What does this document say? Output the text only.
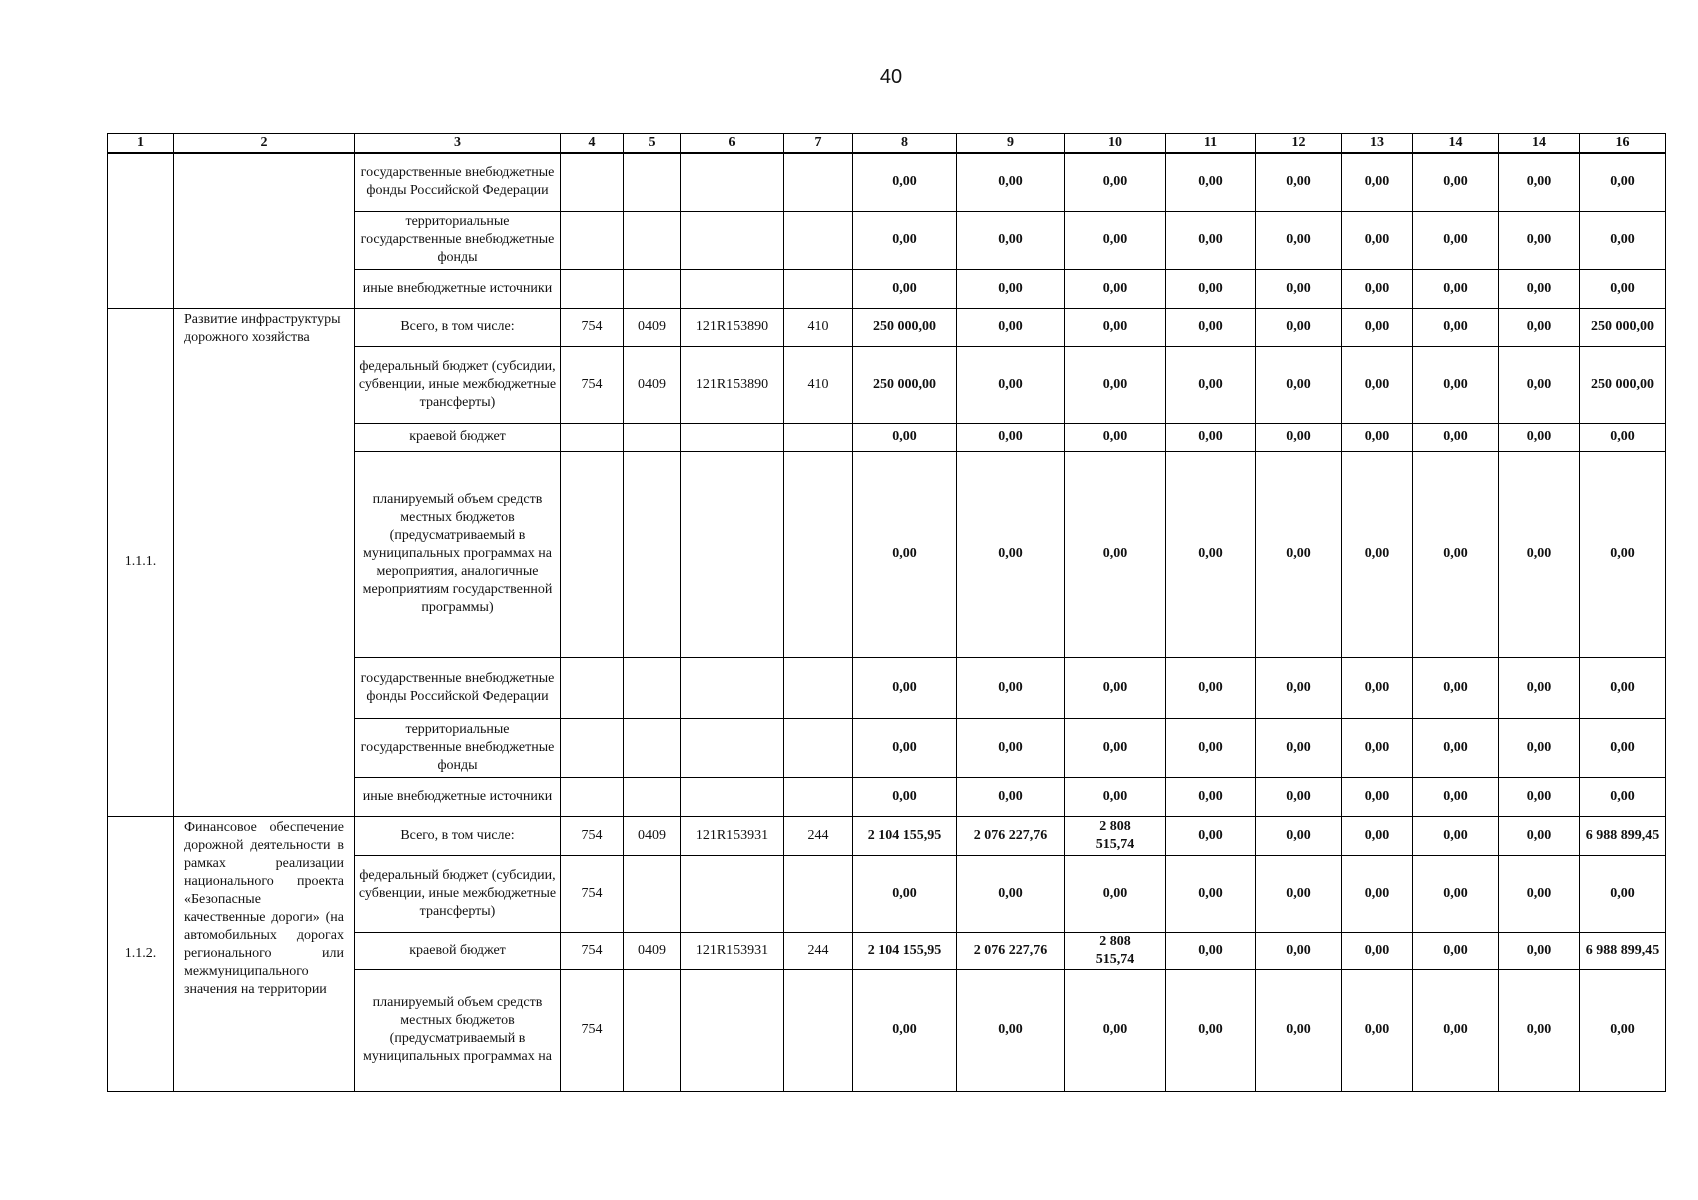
40
1	2	3	4	5	6	7	8	9	10	11	12	13	14	14	16
		государственные внебюджетные фонды Российской Федерации					0,00	0,00	0,00	0,00	0,00	0,00	0,00	0,00	0,00
		территориальные государственные внебюджетные фонды					0,00	0,00	0,00	0,00	0,00	0,00	0,00	0,00	0,00
		иные внебюджетные источники					0,00	0,00	0,00	0,00	0,00	0,00	0,00	0,00	0,00
1.1.1.	Развитие инфраструктуры дорожного хозяйства	Всего, в том числе:	754	0409	121R153890	410	250 000,00	0,00	0,00	0,00	0,00	0,00	0,00	0,00	250 000,00
		федеральный бюджет (субсидии, субвенции, иные межбюджетные трансферты)	754	0409	121R153890	410	250 000,00	0,00	0,00	0,00	0,00	0,00	0,00	0,00	250 000,00
		краевой бюджет					0,00	0,00	0,00	0,00	0,00	0,00	0,00	0,00	0,00
		планируемый объем средств местных бюджетов (предусматриваемый в муниципальных программах на мероприятия, аналогичные мероприятиям государственной программы)					0,00	0,00	0,00	0,00	0,00	0,00	0,00	0,00	0,00
		государственные внебюджетные фонды Российской Федерации					0,00	0,00	0,00	0,00	0,00	0,00	0,00	0,00	0,00
		территориальные государственные внебюджетные фонды					0,00	0,00	0,00	0,00	0,00	0,00	0,00	0,00	0,00
		иные внебюджетные источники					0,00	0,00	0,00	0,00	0,00	0,00	0,00	0,00	0,00
1.1.2.	Финансовое обеспечение дорожной деятельности в рамках реализации национального проекта «Безопасные качественные дороги» (на автомобильных дорогах регионального или межмуниципального значения на территории	Всего, в том числе:	754	0409	121R153931	244	2 104 155,95	2 076 227,76	2 808 515,74	0,00	0,00	0,00	0,00	0,00	6 988 899,45
		федеральный бюджет (субсидии, субвенции, иные межбюджетные трансферты)	754				0,00	0,00	0,00	0,00	0,00	0,00	0,00	0,00	0,00
		краевой бюджет	754	0409	121R153931	244	2 104 155,95	2 076 227,76	2 808 515,74	0,00	0,00	0,00	0,00	0,00	6 988 899,45
		планируемый объем средств местных бюджетов (предусматриваемый в муниципальных программах на	754				0,00	0,00	0,00	0,00	0,00	0,00	0,00	0,00	0,00
